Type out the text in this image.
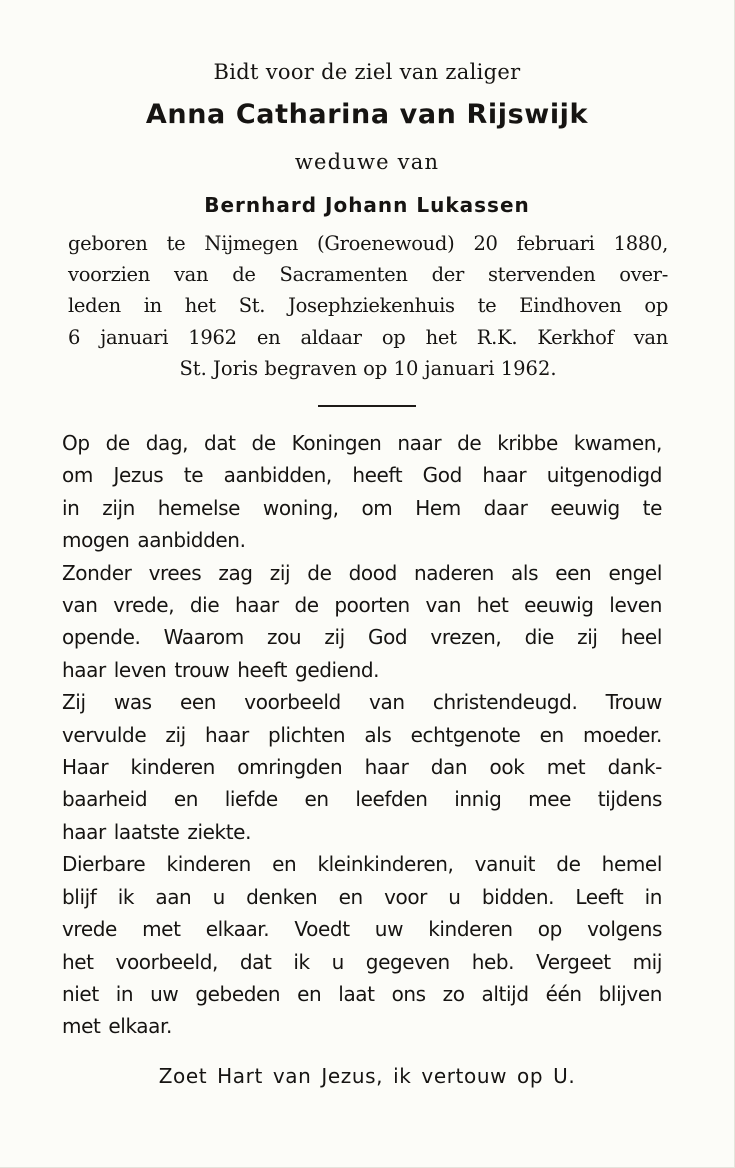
Bidt voor de ziel van zaliger
Anna Catharina van Rijswijk
weduwe van
Bernhard Johann Lukassen
geboren te Nijmegen (Groenewoud) 20 februari 1880,
voorzien van de Sacramenten der stervenden over-
leden in het St. Josephziekenhuis te Eindhoven op
6 januari 1962 en aldaar op het R.K. Kerkhof van
St. Joris begraven op 10 januari 1962.
Op de dag, dat de Koningen naar de kribbe kwamen,
om Jezus te aanbidden, heeft God haar uitgenodigd
in zijn hemelse woning, om Hem daar eeuwig te
mogen aanbidden.
Zonder vrees zag zij de dood naderen als een engel
van vrede, die haar de poorten van het eeuwig leven
opende. Waarom zou zij God vrezen, die zij heel
haar leven trouw heeft gediend.
Zij was een voorbeeld van christendeugd. Trouw
vervulde zij haar plichten als echtgenote en moeder.
Haar kinderen omringden haar dan ook met dank-
baarheid en liefde en leefden innig mee tijdens
haar laatste ziekte.
Dierbare kinderen en kleinkinderen, vanuit de hemel
blijf ik aan u denken en voor u bidden. Leeft in
vrede met elkaar. Voedt uw kinderen op volgens
het voorbeeld, dat ik u gegeven heb. Vergeet mij
niet in uw gebeden en laat ons zo altijd één blijven
met elkaar.
Zoet Hart van Jezus, ik vertouw op U.
